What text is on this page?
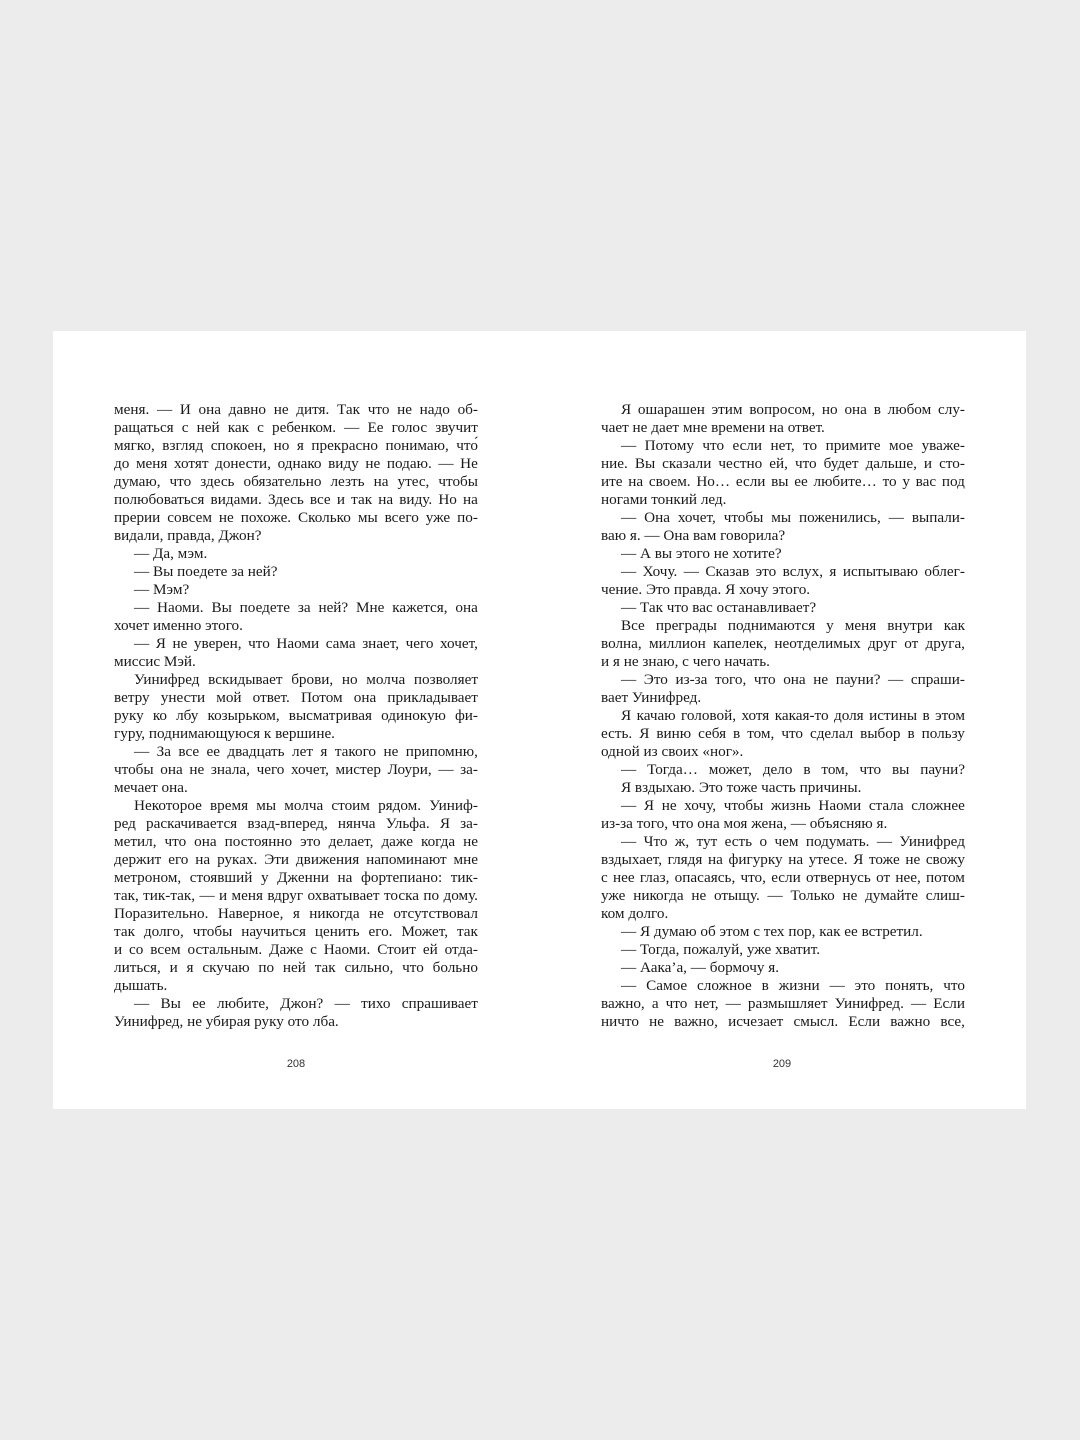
меня. — И она давно не дитя. Так что не надо об-
ращаться с ней как с ребенком. — Ее голос звучит
мягко, взгляд спокоен, но я прекрасно понимаю, что́
до меня хотят донести, однако виду не подаю. — Не
думаю, что здесь обязательно лезть на утес, чтобы
полюбоваться видами. Здесь все и так на виду. Но на
прерии совсем не похоже. Сколько мы всего уже по-
видали, правда, Джон?
— Да, мэм.
— Вы поедете за ней?
— Мэм?
— Наоми. Вы поедете за ней? Мне кажется, она
хочет именно этого.
— Я не уверен, что Наоми сама знает, чего хочет,
миссис Мэй.
Уинифред вскидывает брови, но молча позволяет
ветру унести мой ответ. Потом она прикладывает
руку ко лбу козырьком, высматривая одинокую фи-
гуру, поднимающуюся к вершине.
— За все ее двадцать лет я такого не припомню,
чтобы она не знала, чего хочет, мистер Лоури, — за-
мечает она.
Некоторое время мы молча стоим рядом. Уиниф-
ред раскачивается взад-вперед, нянча Ульфа. Я за-
метил, что она постоянно это делает, даже когда не
держит его на руках. Эти движения напоминают мне
метроном, стоявший у Дженни на фортепиано: тик-
так, тик-так, — и меня вдруг охватывает тоска по дому.
Поразительно. Наверное, я никогда не отсутствовал
так долго, чтобы научиться ценить его. Может, так
и со всем остальным. Даже с Наоми. Стоит ей отда-
литься, и я скучаю по ней так сильно, что больно
дышать.
— Вы ее любите, Джон? — тихо спрашивает
Уинифред, не убирая руку ото лба.
Я ошарашен этим вопросом, но она в любом слу-
чает не дает мне времени на ответ.
— Потому что если нет, то примите мое уваже-
ние. Вы сказали честно ей, что будет дальше, и сто-
ите на своем. Но… если вы ее любите… то у вас под
ногами тонкий лед.
— Она хочет, чтобы мы поженились, — выпали-
ваю я. — Она вам говорила?
— А вы этого не хотите?
— Хочу. — Сказав это вслух, я испытываю облег-
чение. Это правда. Я хочу этого.
— Так что вас останавливает?
Все преграды поднимаются у меня внутри как
волна, миллион капелек, неотделимых друг от друга,
и я не знаю, с чего начать.
— Это из-за того, что она не пауни? — спраши-
вает Уинифред.
Я качаю головой, хотя какая-то доля истины в этом
есть. Я виню себя в том, что сделал выбор в пользу
одной из своих «ног».
— Тогда… может, дело в том, что вы пауни?
Я вздыхаю. Это тоже часть причины.
— Я не хочу, чтобы жизнь Наоми стала сложнее
из-за того, что она моя жена, — объясняю я.
— Что ж, тут есть о чем подумать. — Уинифред
вздыхает, глядя на фигурку на утесе. Я тоже не свожу
с нее глаз, опасаясь, что, если отвернусь от нее, потом
уже никогда не отыщу. — Только не думайте слиш-
ком долго.
— Я думаю об этом с тех пор, как ее встретил.
— Тогда, пожалуй, уже хватит.
— Аака’а, — бормочу я.
— Самое сложное в жизни — это понять, что
важно, а что нет, — размышляет Уинифред. — Если
ничто не важно, исчезает смысл. Если важно все,
208	209
